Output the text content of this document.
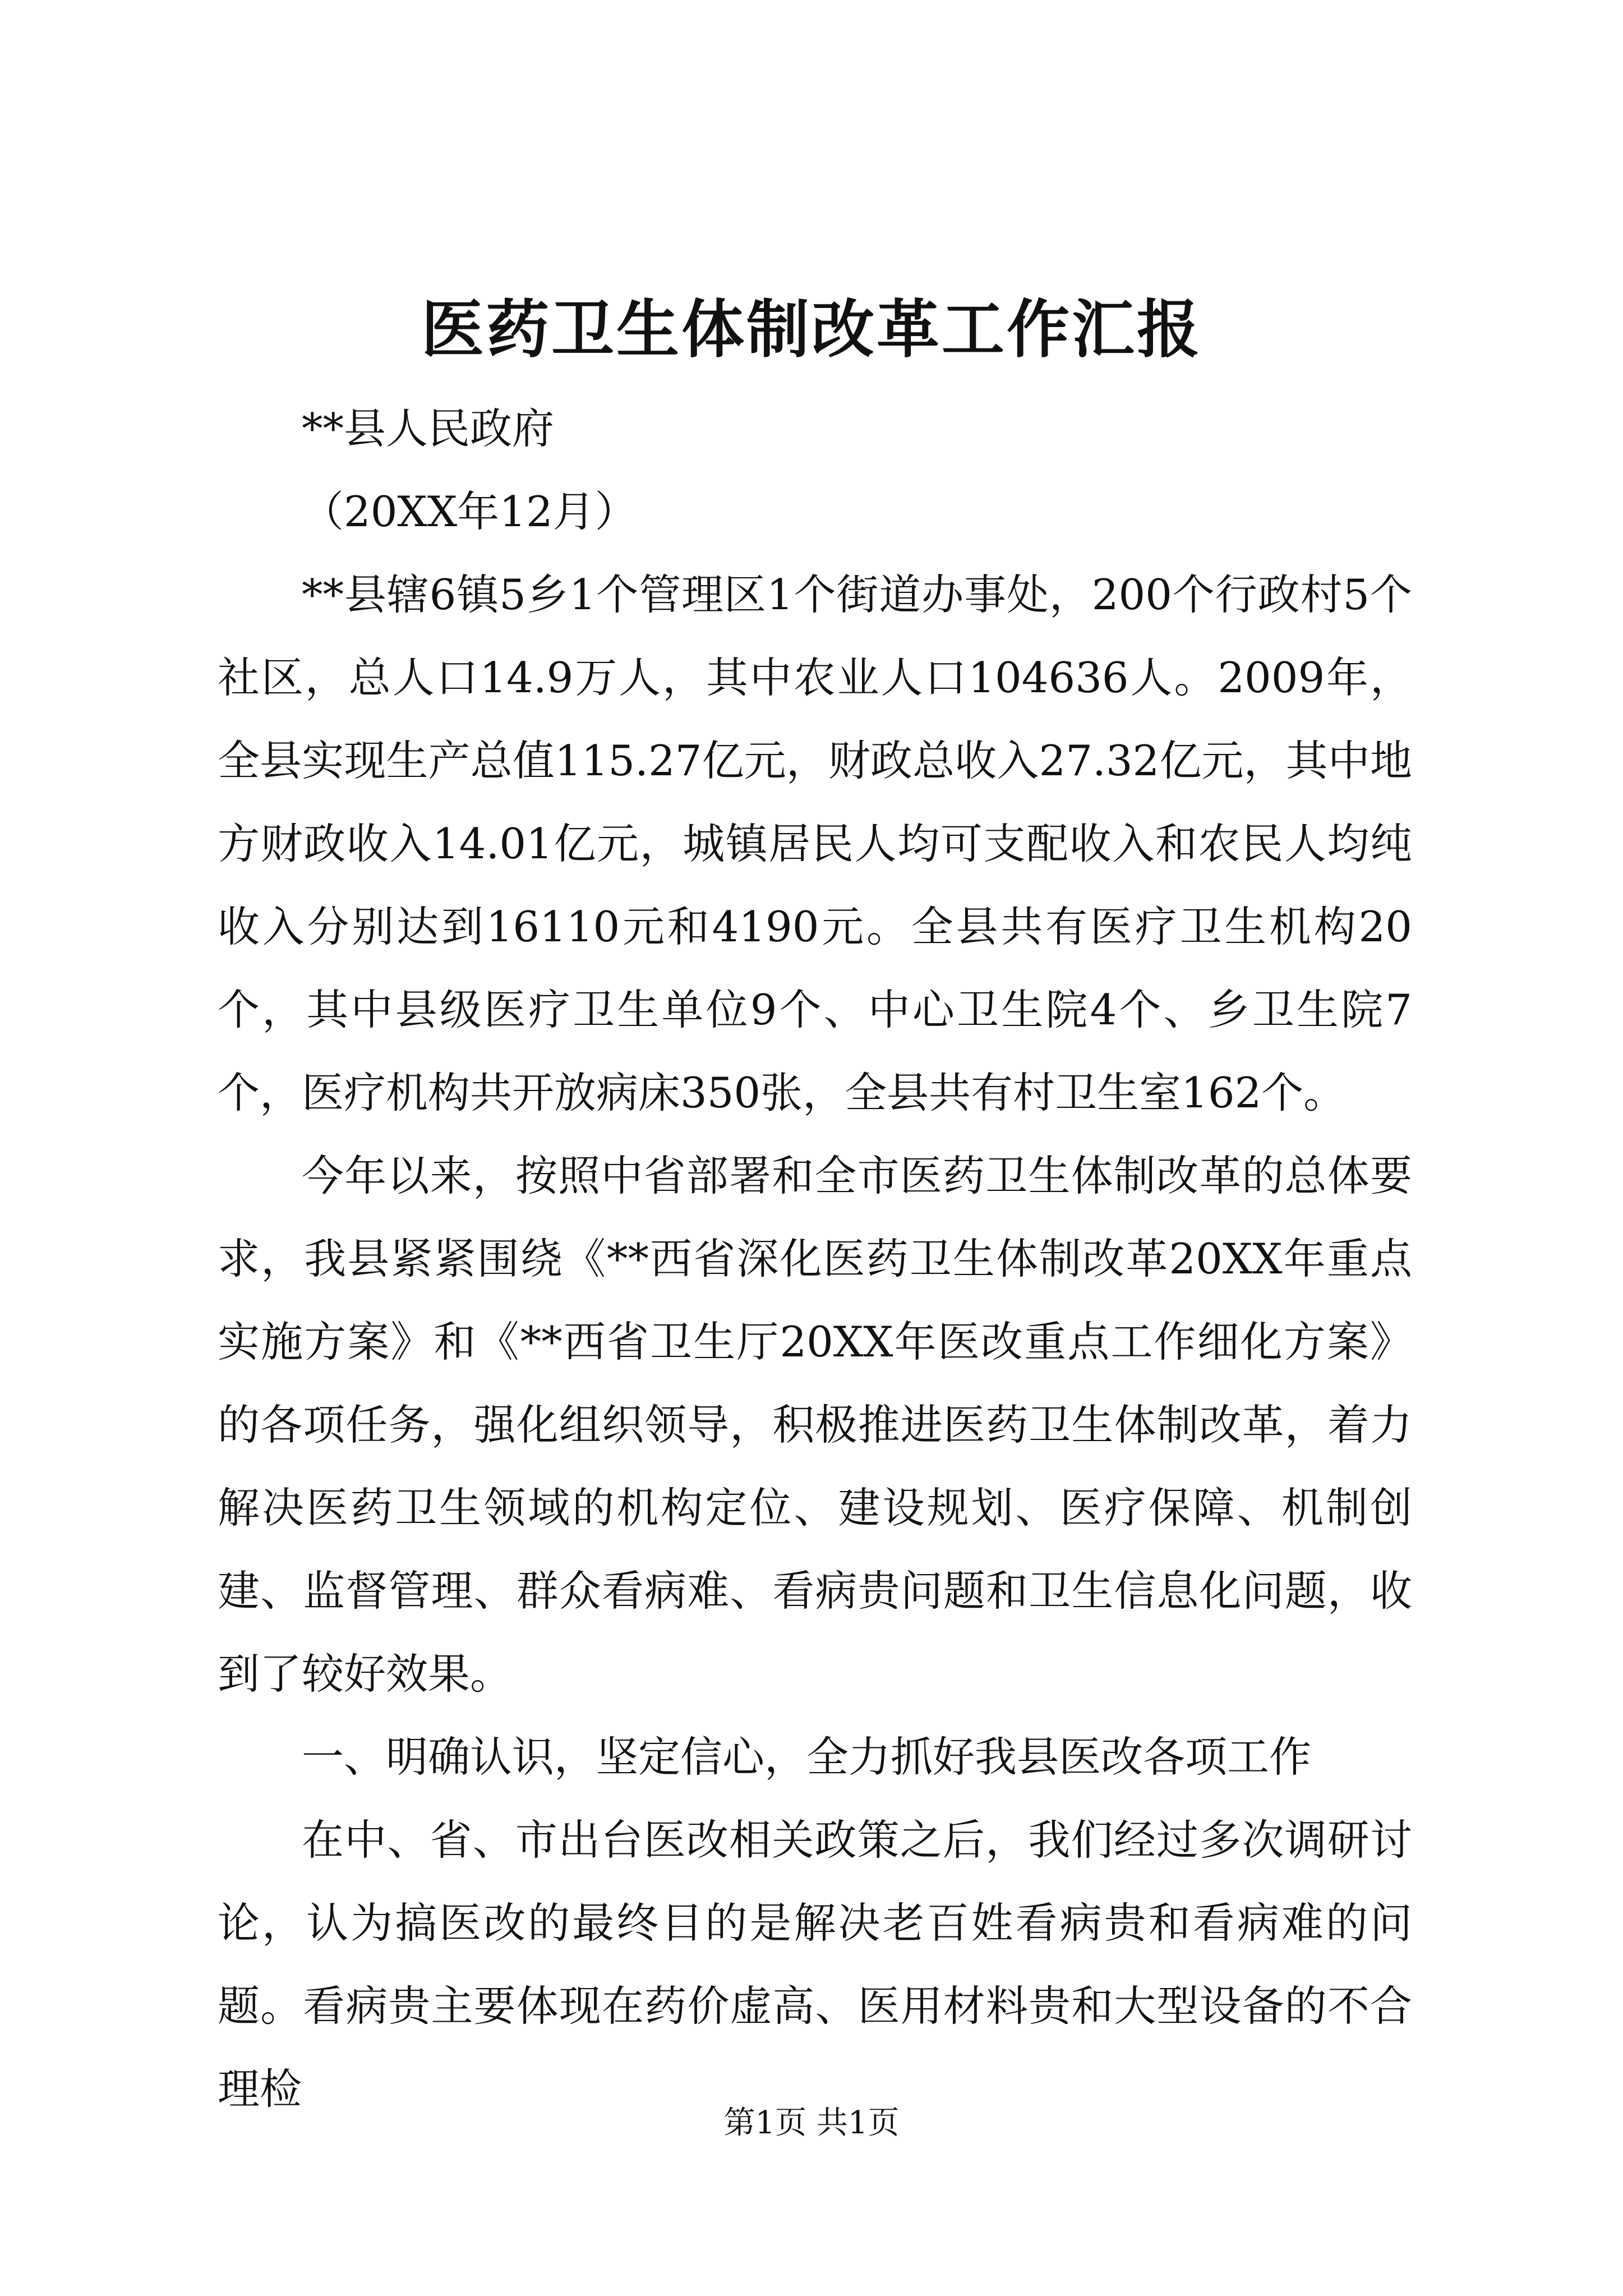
医药卫生体制改革工作汇报

**县人民政府

（20XX年12月）

**县辖6镇5乡1个管理区1个街道办事处，200个行政村5个社区，总人口14.9万人，其中农业人口104636人。2009年，全县实现生产总值115.27亿元，财政总收入27.32亿元，其中地方财政收入14.01亿元，城镇居民人均可支配收入和农民人均纯收入分别达到16110元和4190元。全县共有医疗卫生机构20个，其中县级医疗卫生单位9个、中心卫生院4个、乡卫生院7个，医疗机构共开放病床350张，全县共有村卫生室162个。

今年以来，按照中省部署和全市医药卫生体制改革的总体要求，我县紧紧围绕《**西省深化医药卫生体制改革20XX年重点实施方案》和《**西省卫生厅20XX年医改重点工作细化方案》的各项任务，强化组织领导，积极推进医药卫生体制改革，着力解决医药卫生领域的机构定位、建设规划、医疗保障、机制创建、监督管理、群众看病难、看病贵问题和卫生信息化问题，收到了较好效果。

一、明确认识，坚定信心，全力抓好我县医改各项工作

在中、省、市出台医改相关政策之后，我们经过多次调研讨论，认为搞医改的最终目的是解决老百姓看病贵和看病难的问题。看病贵主要体现在药价虚高、医用材料贵和大型设备的不合理检

第1页 共1页
